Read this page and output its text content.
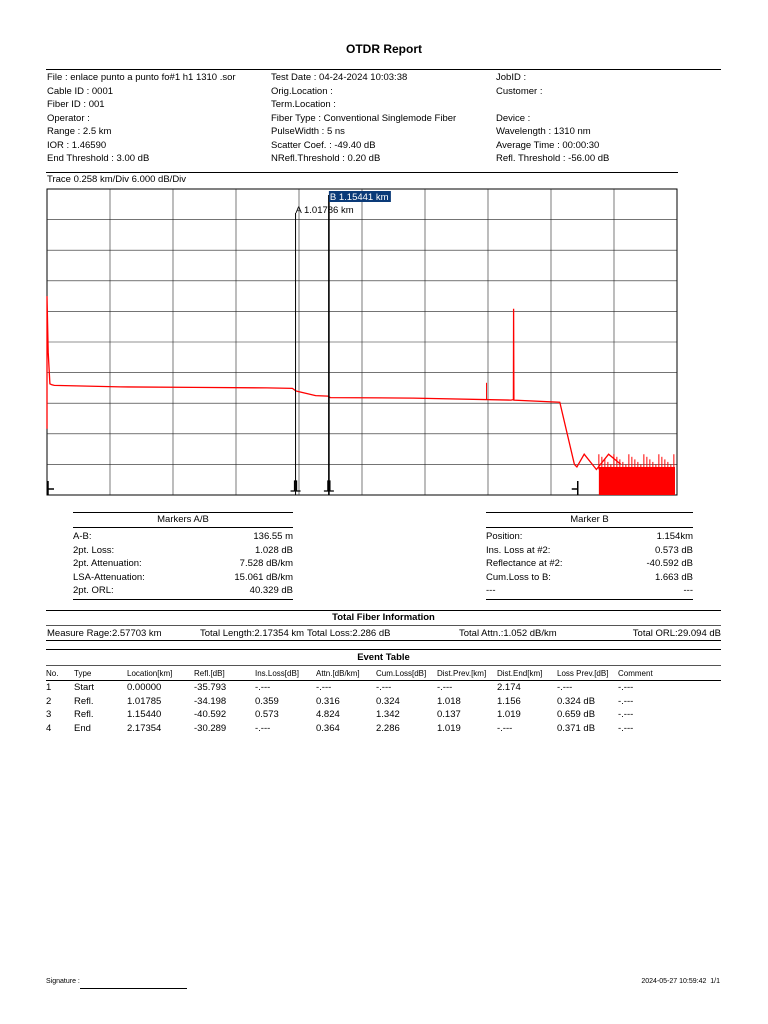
OTDR Report
File : enlace punto a punto fo#1 h1 1310 .sor
Cable ID : 0001
Fiber ID : 001
Operator :
Range : 2.5 km
IOR : 1.46590
End Threshold : 3.00 dB
Test Date : 04-24-2024 10:03:38
Orig.Location :
Term.Location :
Fiber Type : Conventional Singlemode Fiber
PulseWidth : 5 ns
Scatter Coef. : -49.40 dB
NRefl.Threshold : 0.20 dB
JobID :
Customer :
Device :
Wavelength : 1310 nm
Average Time : 00:00:30
Refl. Threshold : -56.00 dB
Trace 0.258 km/Div 6.000 dB/Div
A 1.01786 km
B 1.15441 km
Markers A/B
A-B:	136.55 m
2pt. Loss:	1.028 dB
2pt. Attenuation:	7.528 dB/km
LSA-Attenuation:	15.061 dB/km
2pt. ORL:	40.329 dB
Marker B
Position:	1.154km
Ins. Loss at #2:	0.573 dB
Reflectance at #2:	-40.592 dB
Cum.Loss to B:	1.663 dB
---	---
Total Fiber Information
Measure Rage:2.57703 km	Total Length:2.17354 km Total Loss:2.286 dB	Total Attn.:1.052 dB/km	Total ORL:29.094 dB
Event Table
No.	Type	Location[km]	Refl.[dB]	Ins.Loss[dB]	Attn.[dB/km]	Cum.Loss[dB]	Dist.Prev.[km]	Dist.End[km]	Loss Prev.[dB]	Comment
1	Start	0.00000	-35.793	-.---	-.---	-.---	-.---	2.174	-.---	-.---
2	Refl.	1.01785	-34.198	0.359	0.316	0.324	1.018	1.156	0.324 dB	-.---
3	Refl.	1.15440	-40.592	0.573	4.824	1.342	0.137	1.019	0.659 dB	-.---
4	End	2.17354	-30.289	-.---	0.364	2.286	1.019	-.---	0.371 dB	-.---
Signature :	2024-05-27 10:59:42 1/1
